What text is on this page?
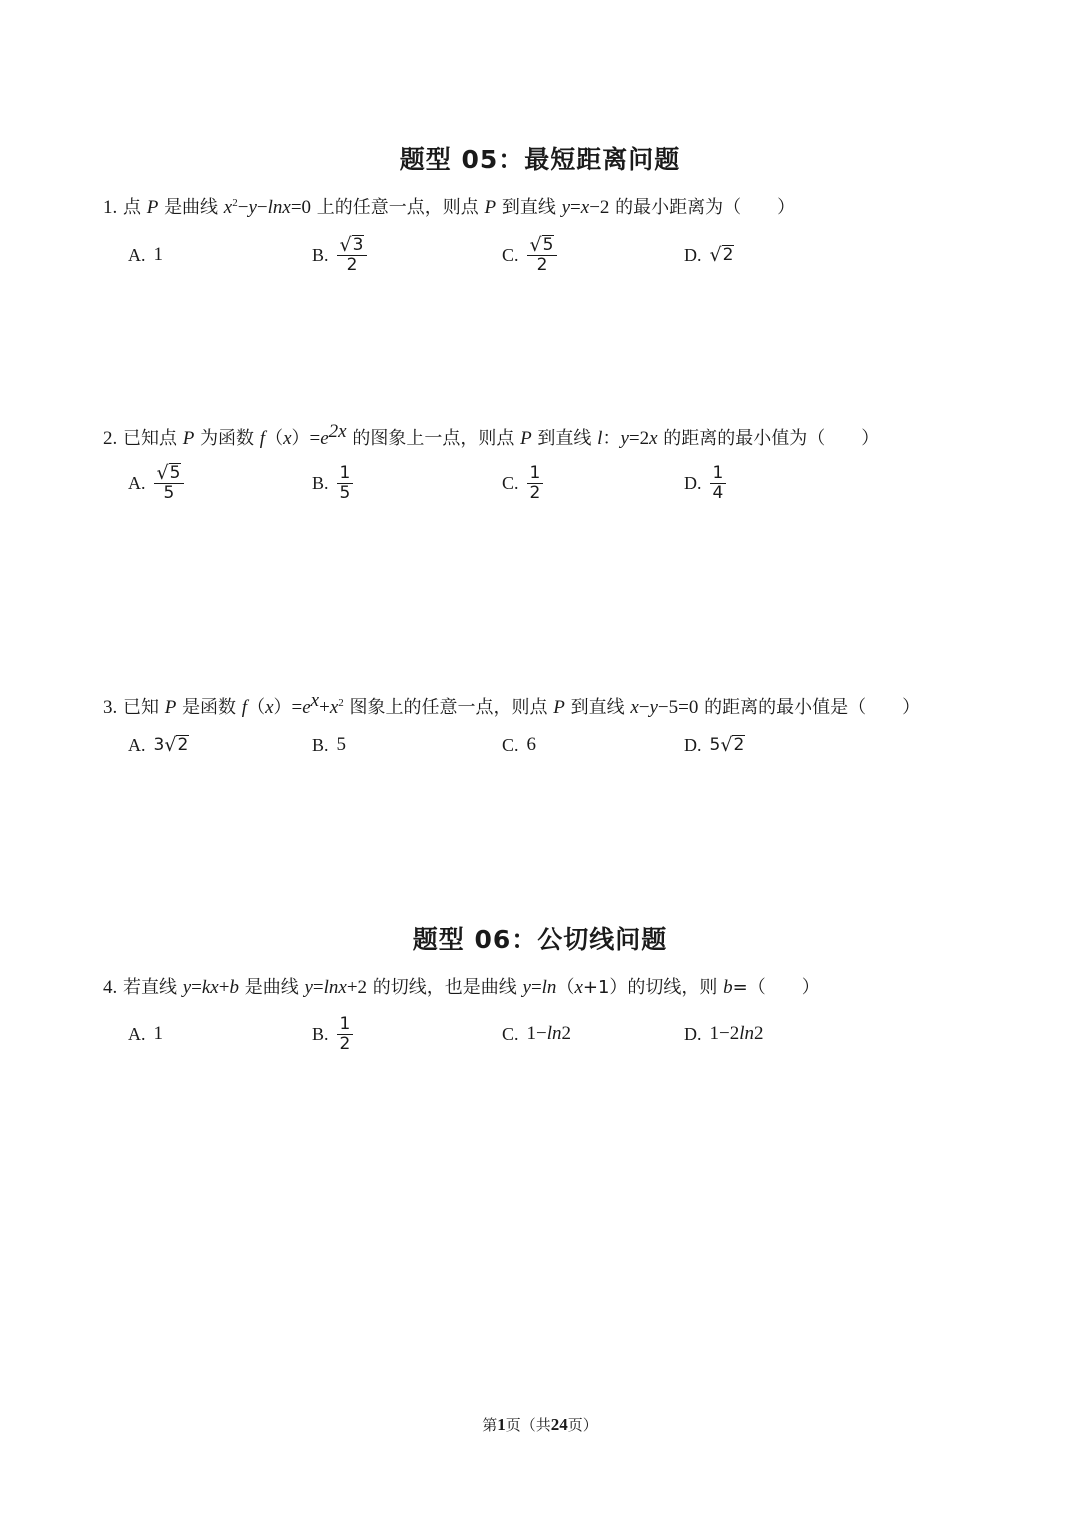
题型 05：最短距离问题
1. 点 P 是曲线 $x^2-y-\ln x=0$ 上的任意一点，则点 P 到直线 y=x−2 的最小距离为（　　）
A. 1	B. $\frac{√ 3}{2}$	C. $\frac{√ 5}{2}$	D. √ 2
2. 已知点 P 为函数 $f(x)=e^{2x}$ 的图象上一点，则点 P 到直线 l：y=2x 的距离的最小值为（　　）
A. $\frac{√ 5}{5}$	B. $\frac{1}{5}$	C. $\frac{1}{2}$	D. $\frac{1}{4}$
3. 已知 P 是函数 $f(x)=e^x+x^2$ 图象上的任意一点，则点 P 到直线 x−y−5=0 的距离的最小值是（　　）
A. 3 √ 2	B. 5	C. 6	D. 5 √ 2
题型 06：公切线问题
4. 若直线 y=kx+b 是曲线 y=lnx+2 的切线，也是曲线 y=ln（x+1）的切线，则 b=（　　）
A. 1	B. $\frac{1}{2}$	C. 1−ln2	D. 1−2ln2
第1页（共24页）
